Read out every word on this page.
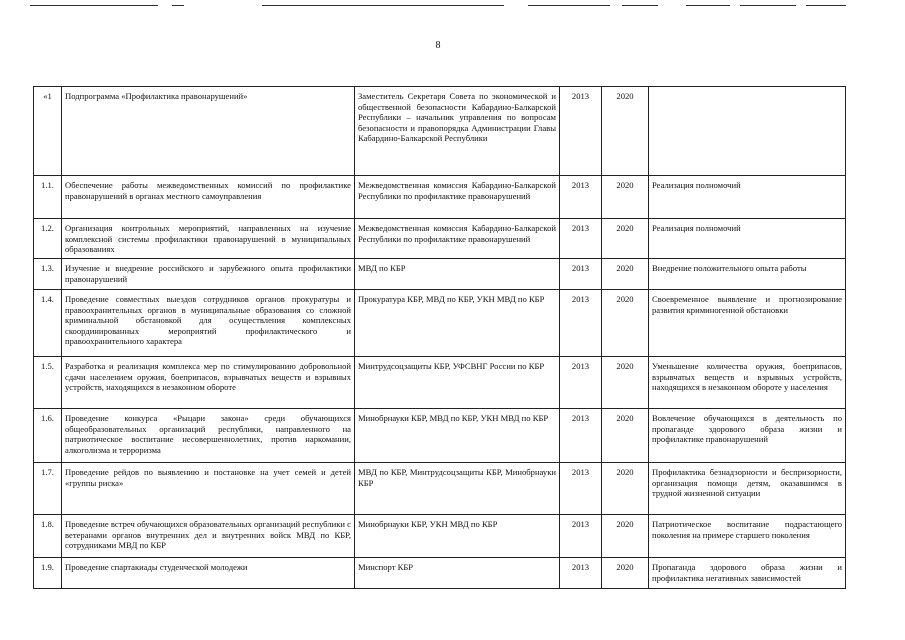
8
«1	Подпрограмма «Профилактика правонарушений»	Заместитель Секретаря Совета по экономической и общественной безопасности Кабардино-Балкарской Республики – начальник управления по вопросам безопасности и правопорядка Администрации Главы Кабардино-Балкарской Республики	2013	2020	
1.1.	Обеспечение работы межведомственных комиссий по профилактике правонарушений в органах местного самоуправления	Межведомственная комиссия Кабардино-Балкарской Республики по профилактике правонарушений	2013	2020	Реализация полномочий
1.2.	Организация контрольных мероприятий, направленных на изучение комплексной системы профилактики правонарушений в муниципальных образованиях	Межведомственная комиссия Кабардино-Балкарской Республики по профилактике правонарушений	2013	2020	Реализация полномочий
1.3.	Изучение и внедрение российского и зарубежного опыта профилактики правонарушений	МВД по КБР	2013	2020	Внедрение положительного опыта работы
1.4.	Проведение совместных выездов сотрудников органов прокуратуры и правоохранительных органов в муниципальные образования со сложной криминальной обстановкой для осуществления комплексных скоординированных мероприятий профилактического и правоохранительного характера	Прокуратура КБР, МВД по КБР, УКН МВД по КБР	2013	2020	Своевременное выявление и прогнозирование развития криминогенной обстановки
1.5.	Разработка и реализация комплекса мер по стимулированию добровольной сдачи населением оружия, боеприпасов, взрывчатых веществ и взрывных устройств, находящихся в незаконном обороте	Минтрудсоцзащиты КБР, УФСВНГ России по КБР	2013	2020	Уменьшение количества оружия, боеприпасов, взрывчатых веществ и взрывных устройств, находящихся в незаконном обороте у населения
1.6.	Проведение конкурса «Рыцари закона» среди обучающихся общеобразовательных организаций республики, направленного на патриотическое воспитание несовершеннолетних, против наркомании, алкоголизма и терроризма	Минобрнауки КБР, МВД по КБР, УКН МВД по КБР	2013	2020	Вовлечение обучающихся в деятельность по пропаганде здорового образа жизни и профилактике правонарушений
1.7.	Проведение рейдов по выявлению и постановке на учет семей и детей «группы риска»	МВД по КБР, Минтрудсоцзащиты КБР, Минобрнауки КБР	2013	2020	Профилактика безнадзорности и беспризорности, организация помощи детям, оказавшимся в трудной жизненной ситуации
1.8.	Проведение встреч обучающихся образовательных организаций республики с ветеранами органов внутренних дел и внутренних войск МВД по КБР, сотрудниками МВД по КБР	Минобрнауки КБР, УКН МВД по КБР	2013	2020	Патриотическое воспитание подрастающего поколения на примере старшего поколения
1.9.	Проведение спартакиады студенческой молодежи	Минспорт КБР	2013	2020	Пропаганда здорового образа жизни и профилактика негативных зависимостей
